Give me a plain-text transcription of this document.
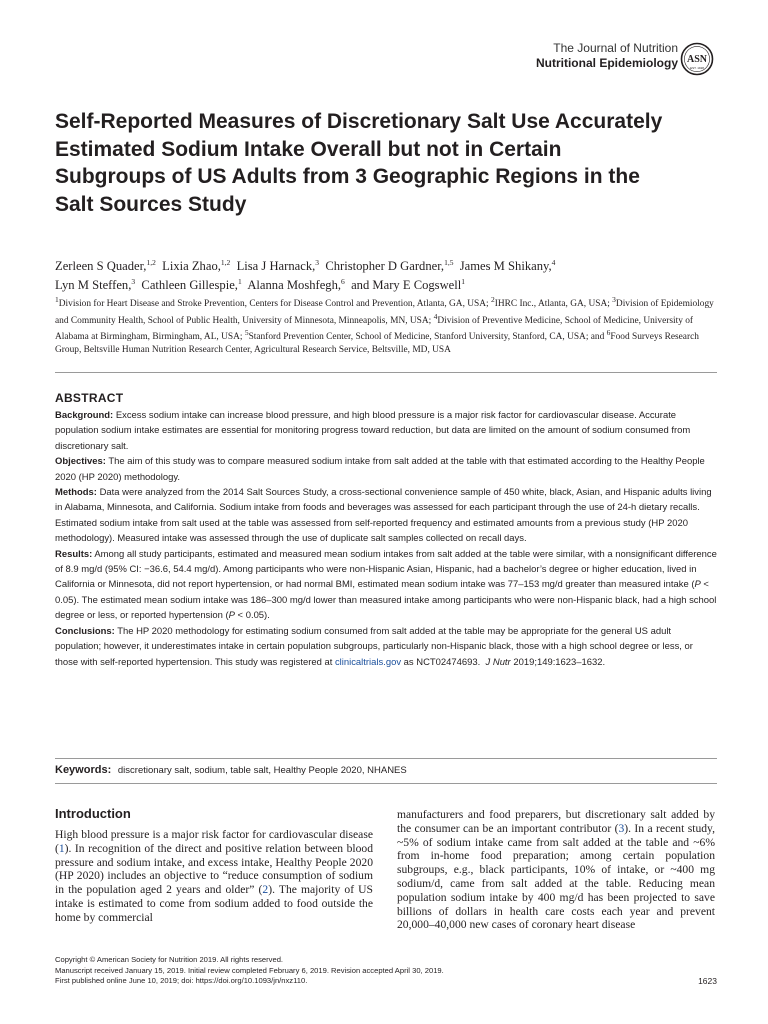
The Journal of Nutrition
Nutritional Epidemiology ASN
EST. 1928
Self-Reported Measures of Discretionary Salt Use Accurately Estimated Sodium Intake Overall but not in Certain Subgroups of US Adults from 3 Geographic Regions in the Salt Sources Study
Zerleen S Quader,$^{1,2}$ Lixia Zhao,$^{1,2}$ Lisa J Harnack,$^3$ Christopher D Gardner,$^{1,5}$ James M Shikany,$^4$
Lyn M Steffen,$^3$ Cathleen Gillespie,$^1$ Alanna Moshfegh,$^6$ and Mary E Cogswell$^1$
$^1$Division for Heart Disease and Stroke Prevention, Centers for Disease Control and Prevention, Atlanta, GA, USA; $^2$IHRC Inc., Atlanta, GA, USA; $^3$Division of Epidemiology and Community Health, School of Public Health, University of Minnesota, Minneapolis, MN, USA; $^4$Division of Preventive Medicine, School of Medicine, University of Alabama at Birmingham, Birmingham, AL, USA; $^5$Stanford Prevention Center, School of Medicine, Stanford University, Stanford, CA, USA; and $^6$Food Surveys Research Group, Beltsville Human Nutrition Research Center, Agricultural Research Service, Beltsville, MD, USA
ABSTRACT

Background: Excess sodium intake can increase blood pressure, and high blood pressure is a major risk factor for cardiovascular disease. Accurate population sodium intake estimates are essential for monitoring progress toward reduction, but data are limited on the amount of sodium consumed from discretionary salt.

Objectives: The aim of this study was to compare measured sodium intake from salt added at the table with that estimated according to the Healthy People 2020 (HP 2020) methodology.

Methods: Data were analyzed from the 2014 Salt Sources Study, a cross-sectional convenience sample of 450 white, black, Asian, and Hispanic adults living in Alabama, Minnesota, and California. Sodium intake from foods and beverages was assessed for each participant through the use of 24-h dietary recalls. Estimated sodium intake from salt used at the table was assessed from self-reported frequency and estimated amounts from a previous study (HP 2020 methodology). Measured intake was assessed through the use of duplicate salt samples collected on recall days.

Results: Among all study participants, estimated and measured mean sodium intakes from salt added at the table were similar, with a nonsignificant difference of 8.9 mg/d (95% CI: −36.6, 54.4 mg/d). Among participants who were non-Hispanic Asian, Hispanic, had a bachelor’s degree or higher education, lived in California or Minnesota, did not report hypertension, or had normal BMI, estimated mean sodium intake was 77–153 mg/d greater than measured intake (P < 0.05). The estimated mean sodium intake was 186–300 mg/d lower than measured intake among participants who were non-Hispanic black, had a high school degree or less, or reported hypertension (P < 0.05).

Conclusions: The HP 2020 methodology for estimating sodium consumed from salt added at the table may be appropriate for the general US adult population; however, it underestimates intake in certain population subgroups, particularly non-Hispanic black, those with a high school degree or less, or those with self-reported hypertension. This study was registered at clinicaltrials.gov as NCT02474693. J Nutr 2019;149:1623–1632.

Keywords: discretionary salt, sodium, table salt, Healthy People 2020, NHANES
Introduction

High blood pressure is a major risk factor for cardiovascular disease (1). In recognition of the direct and positive relation between blood pressure and sodium intake, and excess intake, Healthy People 2020 (HP 2020) includes an objective to “reduce consumption of sodium in the population aged 2 years and older” (2). The majority of US intake is estimated to come from sodium added to food outside the home by commercial

manufacturers and food preparers, but discretionary salt added by the consumer can be an important contributor (3). In a recent study, ~5% of sodium intake came from salt added at the table and ~6% from in-home food preparation; among certain population subgroups, e.g., black participants, 10% of intake, or ~400 mg sodium/d, came from salt added at the table. Reducing mean population sodium intake by 400 mg/d has been projected to save billions of dollars in health care costs each year and prevent 20,000–40,000 new cases of coronary heart disease

Copyright © American Society for Nutrition 2019. All rights reserved.
Manuscript received January 15, 2019. Initial review completed February 6, 2019. Revision accepted April 30, 2019.
First published online June 10, 2019; doi: https://doi.org/10.1093/jn/nxz110.	1623
